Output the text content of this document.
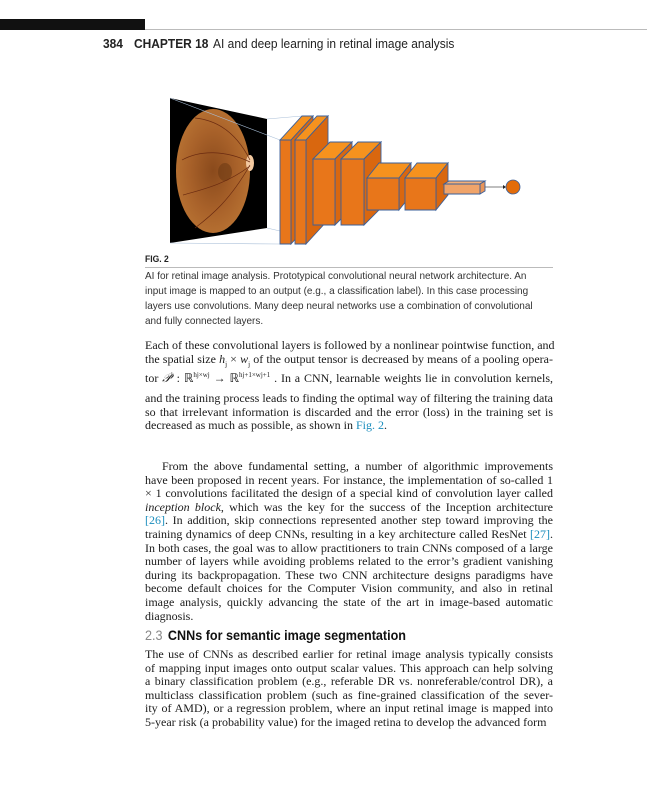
384 CHAPTER 18 AI and deep learning in retinal image analysis
FIG. 2
AI for retinal image analysis. Prototypical convolutional neural network architecture. An
input image is mapped to an output (e.g., a classification label). In this case processing
layers use convolutions. Many deep neural networks use a combination of convolutional
and fully connected layers.
Each of these convolutional layers is followed by a nonlinear pointwise function, and
the spatial size $h_j \times w_j$ of the output tensor is decreased by means of a pooling opera-
tor 𝒫$^j$ : ℝ$^{hj\times wj}$ → ℝ$^{hj+1\times wj+1}$ . In a CNN, learnable weights lie in convolution kernels,
and the training process leads to finding the optimal way of filtering the training data
so that irrelevant information is discarded and the error (loss) in the training set is
decreased as much as possible, as shown in Fig. 2.
From the above fundamental setting, a number of algorithmic improvements
have been proposed in recent years. For instance, the implementation of so-called 1
× 1 convolutions facilitated the design of a special kind of convolution layer called
inception block, which was the key for the success of the Inception architecture
[26]. In addition, skip connections represented another step toward improving the
training dynamics of deep CNNs, resulting in a key architecture called ResNet [27].
In both cases, the goal was to allow practitioners to train CNNs composed of a large
number of layers while avoiding problems related to the error’s gradient vanishing
during its backpropagation. These two CNN architecture designs paradigms have
become default choices for the Computer Vision community, and also in retinal
image analysis, quickly advancing the state of the art in image-based automatic
diagnosis.
2.3 CNNs for semantic image segmentation
The use of CNNs as described earlier for retinal image analysis typically consists
of mapping input images onto output scalar values. This approach can help solving
a binary classification problem (e.g., referable DR vs. nonreferable/control DR), a
multiclass classification problem (such as fine-grained classification of the sever-
ity of AMD), or a regression problem, where an input retinal image is mapped into
5-year risk (a probability value) for the imaged retina to develop the advanced form
